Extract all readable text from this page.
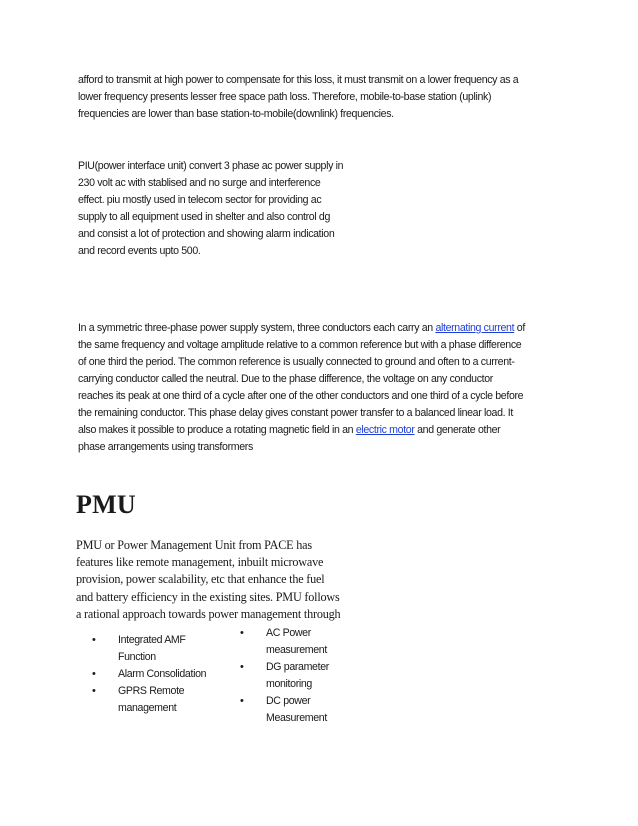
afford to transmit at high power to compensate for this loss, it must transmit on a lower frequency as a
lower frequency presents lesser free space path loss. Therefore, mobile-to-base station (uplink)
frequencies are lower than base station-to-mobile(downlink) frequencies.
PIU(power interface unit) convert 3 phase ac power supply in
230 volt ac with stablised and no surge and interference
effect. piu mostly used in telecom sector for providing ac
supply to all equipment used in shelter and also control dg
and consist a lot of protection and showing alarm indication
and record events upto 500.
In a symmetric three-phase power supply system, three conductors each carry an alternating current of
the same frequency and voltage amplitude relative to a common reference but with a phase difference
of one third the period. The common reference is usually connected to ground and often to a current-
carrying conductor called the neutral. Due to the phase difference, the voltage on any conductor
reaches its peak at one third of a cycle after one of the other conductors and one third of a cycle before
the remaining conductor. This phase delay gives constant power transfer to a balanced linear load. It
also makes it possible to produce a rotating magnetic field in an electric motor and generate other
phase arrangements using transformers
PMU
PMU or Power Management Unit from PACE has
features like remote management, inbuilt microwave
provision, power scalability, etc that enhance the fuel
and battery efficiency in the existing sites. PMU follows
a rational approach towards power management through
• Integrated AMF
Function
• Alarm Consolidation
• GPRS Remote
management
• AC Power
measurement
• DG parameter
monitoring
• DC power
Measurement
